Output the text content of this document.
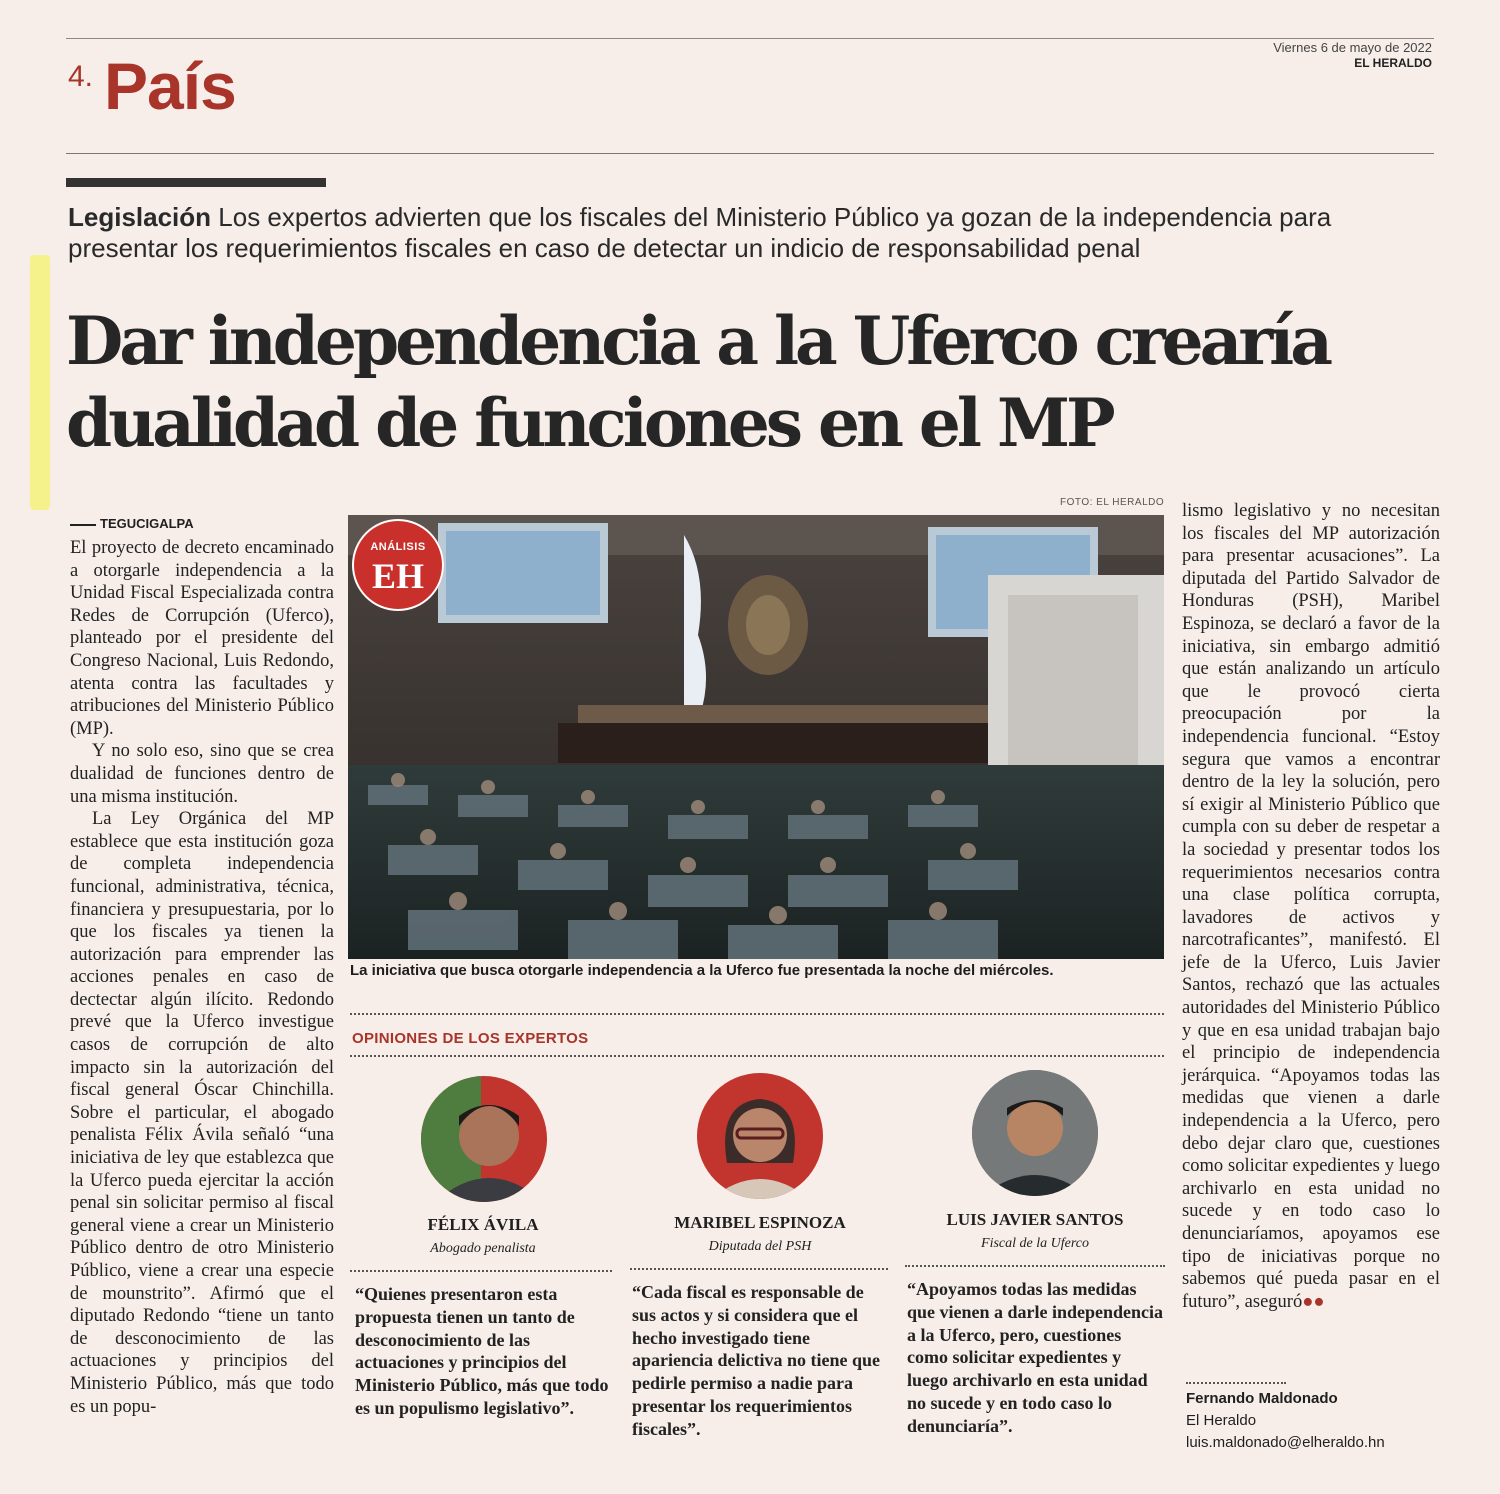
4. País
Viernes 6 de mayo de 2022
EL HERALDO
Legislación Los expertos advierten que los fiscales del Ministerio Público ya gozan de la independencia para presentar los requerimientos fiscales en caso de detectar un indicio de responsabilidad penal
Dar independencia a la Uferco crearía
dualidad de funciones en el MP
TEGUCIGALPA

El proyecto de decreto encaminado a otorgarle independencia a la Unidad Fiscal Especializada contra Redes de Corrupción (Uferco), planteado por el presidente del Congreso Nacional, Luis Redondo, atenta contra las facultades y atribuciones del Ministerio Público (MP).

Y no solo eso, sino que se crea dualidad de funciones dentro de una misma institución.

La Ley Orgánica del MP establece que esta institución goza de completa independencia funcional, administrativa, técnica, financiera y presupuestaria, por lo que los fiscales ya tienen la autorización para emprender las acciones penales en caso de dectectar algún ilícito. Redondo prevé que la Uferco investigue casos de corrupción de alto impacto sin la autorización del fiscal general Óscar Chinchilla. Sobre el particular, el abogado penalista Félix Ávila señaló “una iniciativa de ley que establezca que la Uferco pueda ejercitar la acción penal sin solicitar permiso al fiscal general viene a crear un Ministerio Público dentro de otro Ministerio Público, viene a crear una especie de mounstrito”. Afirmó que el diputado Redondo “tiene un tanto de desconocimiento de las actuaciones y principios del Ministerio Público, más que todo es un popu-

FOTO: EL HERALDO
ANÁLISIS
EH
La iniciativa que busca otorgarle independencia a la Uferco fue presentada la noche del miércoles.
OPINIONES DE LOS EXPERTOS
FÉLIX ÁVILA
Abogado penalista
MARIBEL ESPINOZA
Diputada del PSH
LUIS JAVIER SANTOS
Fiscal de la Uferco
“Quienes presentaron esta propuesta tienen un tanto de desconocimiento de las actuaciones y principios del Ministerio Público, más que todo es un populismo legislativo”.
“Cada fiscal es responsable de sus actos y si considera que el hecho investigado tiene apariencia delictiva no tiene que pedirle permiso a nadie para presentar los requerimientos fiscales”.
“Apoyamos todas las medidas que vienen a darle independencia a la Uferco, pero, cuestiones como solicitar expedientes y luego archivarlo en esta unidad no sucede y en todo caso lo denunciaría”.

lismo legislativo y no necesitan los fiscales del MP autorización para presentar acusaciones”. La diputada del Partido Salvador de Honduras (PSH), Maribel Espinoza, se declaró a favor de la iniciativa, sin embargo admitió que están analizando un artículo que le provocó cierta preocupación por la independencia funcional. “Estoy segura que vamos a encontrar dentro de la ley la solución, pero sí exigir al Ministerio Público que cumpla con su deber de respetar a la sociedad y presentar todos los requerimientos necesarios contra una clase política corrupta, lavadores de activos y narcotraficantes”, manifestó. El jefe de la Uferco, Luis Javier Santos, rechazó que las actuales autoridades del Ministerio Público y que en esa unidad trabajan bajo el principio de independencia jerárquica. “Apoyamos todas las medidas que vienen a darle independencia a la Uferco, pero debo dejar claro que, cuestiones como solicitar expedientes y luego archivarlo en esta unidad no sucede y en todo caso lo denunciaríamos, apoyamos ese tipo de iniciativas porque no sabemos qué pueda pasar en el futuro”, aseguró●●

Fernando Maldonado
El Heraldo
luis.maldonado@elheraldo.hn
